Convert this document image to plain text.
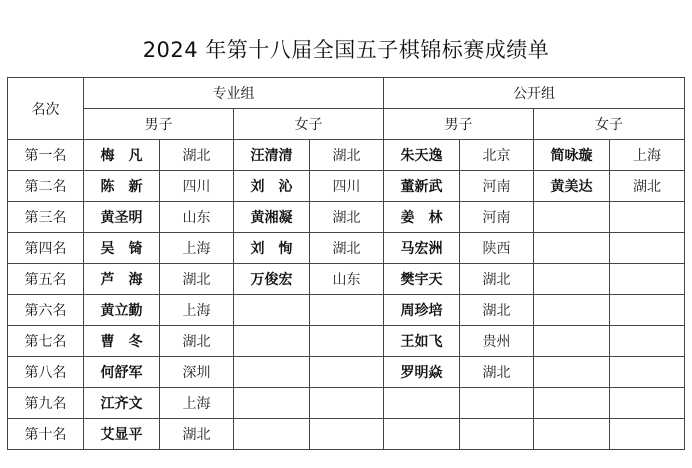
2024 年第十八届全国五子棋锦标赛成绩单
名次	专业组				公开组			
	男子		女子		男子		女子	
第一名	梅　凡	湖北	汪清清	湖北	朱天逸	北京	简咏璇	上海
第二名	陈　新	四川	刘　沁	四川	董新武	河南	黄美达	湖北
第三名	黄圣明	山东	黄湘凝	湖北	姜　林	河南		
第四名	吴　锜	上海	刘　恂	湖北	马宏洲	陕西		
第五名	芦　海	湖北	万俊宏	山东	樊宇天	湖北		
第六名	黄立勤	上海			周珍培	湖北		
第七名	曹　冬	湖北			王如飞	贵州		
第八名	何舒军	深圳			罗明焱	湖北		
第九名	江齐文	上海						
第十名	艾显平	湖北						
